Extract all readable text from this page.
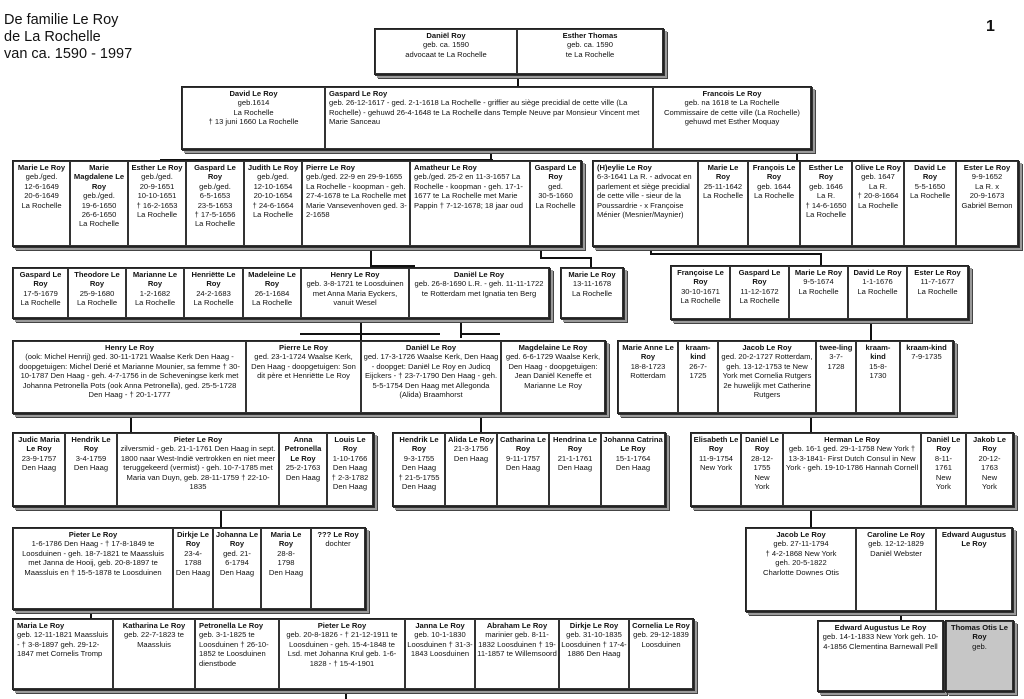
De familie Le Roy
de La Rochelle
van ca. 1590 - 1997
1
Daniël Roy
geb. ca. 1590
advocaat te La Rochelle
Esther Thomas
geb. ca. 1590
te La Rochelle
David Le Roy
geb.1614
La Rochelle
† 13 juni 1660 La Rochelle
Gaspard Le Roy
geb. 26-12-1617 - ged. 2-1-1618 La Rochelle - griffier au siège precidial de cette ville (La Rochelle) - gehuwd 26-4-1648 te La Rochelle dans Temple Neuve par Monsieur Vincent met Marie Sanceau
Francois Le Roy
geb. na 1618 te La Rochelle
Commissaire de cette ville (La Rochelle)
gehuwd met Esther Moquay
Marie Le Roy
geb./ged.
12-6-1649
20-6-1649
La Rochelle
Marie Magdalene Le Roy
geb./ged.
19-6-1650
26-6-1650
La Rochelle
Esther Le Roy
geb./ged.
20-9-1651
10-10-1651
† 16-2-1653
La Rochelle
Gaspard Le Roy
geb./ged.
6-5-1653
23-5-1653
† 17-5-1656
La Rochelle
Judith Le Roy
geb./ged.
12-10-1654
20-10-1654
† 24-6-1664
La Rochelle
Pierre Le Roy
geb./ged. 22-9 en 29-9-1655 La Rochelle - koopman - geh. 27-4-1678 te La Rochelle met Marie Vansevenhoven ged. 3-2-1658
Amatheur Le Roy
geb./ged. 25-2 en 11-3-1657 La Rochelle - koopman - geh. 17-1-1677 te La Rochelle met Marie Pappin † 7-12-1678; 18 jaar oud
Gaspard Le Roy
ged.
30-5-1660
La Rochelle
(H)eylie Le Roy
6-3-1641 La R. - advocat en parlement et siège precidial de cette ville - sieur de la Poussardrie - x Françoise Ménier (Mesnier/Maynier)
Marie Le Roy
25-11-1642
La Rochelle
François Le Roy
geb. 1644
La Rochelle
Esther Le Roy
geb. 1646
La R.
† 14-6-1650 La Rochelle
Olive Le Roy
geb. 1647
La R.
† 20-8-1664 La Rochelle
David Le Roy
5-5-1650
La Rochelle
Ester Le Roy
9-9-1652
La R. x
20-9-1673
Gabriël Bernon
Gaspard Le Roy
17-5-1679
La Rochelle
Theodore Le Roy
25-9-1680
La Rochelle
Marianne Le Roy
1-2-1682
La Rochelle
Henriëtte Le Roy
24-2-1683
La Rochelle
Madeleine Le Roy
26-1-1684
La Rochelle
Henry Le Roy
geb. 3-8-1721 te Loosduinen met Anna Maria Eyckers, vanuit Wesel
Daniël Le Roy
geb. 26-8-1690 L.R. - geh. 11-11-1722 te Rotterdam met Ignatia ten Berg
Marie Le Roy
13-11-1678
La Rochelle
Françoise Le Roy
30-10-1671
La Rochelle
Gaspard Le Roy
11-12-1672
La Rochelle
Marie Le Roy
9-5-1674
La Rochelle
David Le Roy
1-1-1676
La Rochelle
Ester Le Roy
11-7-1677
La Rochelle
Henry Le Roy
(ook: Michel Henrij) ged. 30-11-1721 Waalse Kerk Den Haag - doopgetuigen: Michel Derié et Marianne Mounier, sa femme † 30-10-1787 Den Haag - geh. 4-7-1756 in de Scheveningse kerk met Johanna Petronella Pots (ook Anna Petronella), ged. 25-5-1728 Den Haag - † 20-1-1777
Pierre Le Roy
ged. 23-1-1724 Waalse Kerk, Den Haag - doopgetuigen: Son dit père et Henriëtte Le Roy
Daniël Le Roy
ged. 17-3-1726 Waalse Kerk, Den Haag - doopget: Daniël Le Roy en Judicq Eijckers - † 23-7-1790 Den Haag - geh. 5-5-1754 Den Haag met Allegonda (Alida) Braamhorst
Magdelaine Le Roy
ged. 6-6-1729 Waalse Kerk, Den Haag - doopgetuigen: Jean Daniël Keneffe et Marianne Le Roy
Marie Anne Le Roy
18-8-1723
Rotterdam
kraam-kind
26-7-
1725
Jacob Le Roy
ged. 20-2-1727 Rotterdam, geh. 13-12-1753 te New York met Cornelia Rutgers 2e huwelijk met Catherine Rutgers
twee-ling
3-7-
1728
kraam-kind
15-8-
1730
kraam-kind
7-9-1735
Judic Maria Le Roy
23-9-1757
Den Haag
Hendrik Le Roy
3-4-1759
Den Haag
Pieter Le Roy
zilversmid - geb. 21-1-1761 Den Haag in sept. 1800 naar West-Indië vertrokken en niet meer teruggekeerd (vermist) - geh. 10-7-1785 met Maria van Duyn, geb. 28-11-1759 † 22-10-1835
Anna Petronella Le Roy
25-2-1763
Den Haag
Louis Le Roy
1-10-1766
Den Haag
† 2-3-1782
Den Haag
Hendrik Le Roy
9-3-1755
Den Haag
† 21-5-1755
Den Haag
Alida Le Roy
21-3-1756
Den Haag
Catharina Le Roy
9-11-1757
Den Haag
Hendrina Le Roy
21-1-1761
Den Haag
Johanna Catrina Le Roy
15-1-1764
Den Haag
Elisabeth Le Roy
11-9-1754
New York
Daniël Le Roy
28-12-
1755
New
York
Herman Le Roy
geb. 16-1 ged. 29-1-1758 New York † 13-3-1841- First Dutch Consul in New York - geh. 19-10-1786 Hannah Cornell
Daniël Le Roy
8-11-
1761
New
York
Jakob Le Roy
20-12-
1763
New
York
Pieter Le Roy
1-6-1786 Den Haag - † 17-8-1849 te Loosduinen - geh. 18-7-1821 te Maassluis met Janna de Hooij, geb. 20-8-1897 te Maassluis en † 15-5-1878 te Loosduinen
Dirkje Le Roy
23-4-
1788
Den Haag
Johanna Le Roy
ged. 21-
6-1794
Den Haag
Maria Le Roy
28-8-
1798
Den Haag
??? Le Roy
dochter
Jacob Le Roy
geb. 27-11-1794
† 4-2-1868 New York
geh. 20-5-1822
Charlotte Downes Otis
Caroline Le Roy
geb. 12-12-1829
Daniël Webster
Edward Augustus Le Roy
Maria Le Roy
geb. 12-11-1821 Maassluis - † 3-8-1897 geh. 29-12-1847 met Cornelis Tromp
Katharina Le Roy
geb. 22-7-1823 te Maassluis
Petronella Le Roy
geb. 3-1-1825 te Loosduinen † 26-10-1852 te Loosduinen dienstbode
Pieter Le Roy
geb. 20-8-1826 - † 21-12-1911 te Loosduinen - geh. 15-4-1848 te Lsd. met Johanna Krul geb. 1-6-1828 - † 15-4-1901
Janna Le Roy
geb. 10-1-1830 Loosduinen † 31-3-1843 Loosduinen
Abraham Le Roy
marinier geb. 8-11-1832 Loosduinen † 19-11-1857 te Willemsoord
Dirkje Le Roy
geb. 31-10-1835 Loosduinen † 17-4-1886 Den Haag
Cornelia Le Roy
geb. 29-12-1839 Loosduinen
Edward Augustus Le Roy
geb. 14-1-1833 New York geh. 10-4-1856 Clementina Barnewall Pell
Thomas Otis Le Roy
geb.
